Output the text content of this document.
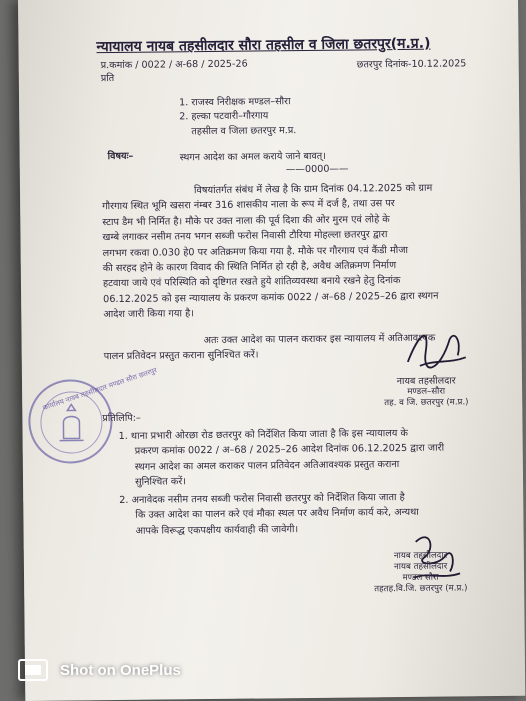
न्यायालय नायब तहसीलदार सौरा तहसील व जिला छतरपुर(म.प्र.)
प्र.कमांक / 0022 / अ-68 / 2025-26	छतरपुर दिनांक-10.12.2025
प्रति
1. राजस्व निरीक्षक मण्डल–सौरा
2. हल्का पटवारी–गौरगाय
तहसील व जिला छतरपुर म.प्र.
विषयः–	स्थगन आदेश का अमल कराये जाने बावत्।
——0000——

विषयांतर्गत संबंध में लेख है कि ग्राम दिनांक 04.12.2025 को ग्राम

गौरगाय स्थित भूमि खसरा नंम्बर 316 शासकीय नाला के रूप में दर्ज है, तथा उस पर

स्टाप डैम भी निर्मित है। मौके पर उक्त नाला की पूर्व दिशा की ओर मुरम एवं लोहे के

खम्बे लगाकर नसीम तनय भगन सब्जी फरोस निवासी टौरिया मोहल्ला छतरपुर द्वारा

लगभग रकवा 0.030 हे0 पर अतिक्रमण किया गया है. मौके पर गौरगाय एवं कैंडी मौजा

की सरहद होने के कारण विवाद की स्थिति निर्मित हो रही है, अवैध अतिक्रमण निर्माण

हटवाया जाये एवं परिस्थिति को दृष्टिगत रखते हुये शांतिव्यवस्था बनाये रखने हेतु दिनांक

06.12.2025 को इस न्यायालय के प्रकरण कमांक 0022 / अ–68 / 2025–26 द्वारा स्थगन

आदेश जारी किया गया है।

अतः उक्त आदेश का पालन कराकर इस न्यायालय में अतिआवश्यक

पालन प्रतिवेदन प्रस्तुत कराना सुनिश्चित करें।

नायब तहसीलदार
मण्डल–सौरा
तह. व जि. छतरपुर (म.प्र.)
कार्यालय नायब तहसीलदार मण्डल सौरा छतरपुर
प्रतिलिपि:–

1. थाना प्रभारी ओरछा रोड छतरपुर को निर्देशित किया जाता है कि इस न्यायालय के

प्रकरण कमांक 0022 / अ–68 / 2025–26 आदेश दिनांक 06.12.2025 द्वारा जारी

स्थगन आदेश का अमल कराकर पालन प्रतिवेदन अतिआवश्यक प्रस्तुत कराना

सुनिश्चित करें।

2. अनावेदक नसीम तनय सब्जी फरोस निवासी छतरपुर को निर्देशित किया जाता है

कि उक्त आदेश का पालन करे एवं मौका स्थल पर अवैध निर्माण कार्य करे, अन्यथा

आपके विरूद्ध एकपक्षीय कार्यवाही की जावेगी।

नायब तहसीलदार
नायब तहसीलदार
मण्डल सौरा
तहतह.वि.जि. छतरपुर (म.प्र.)
Shot on OnePlus
